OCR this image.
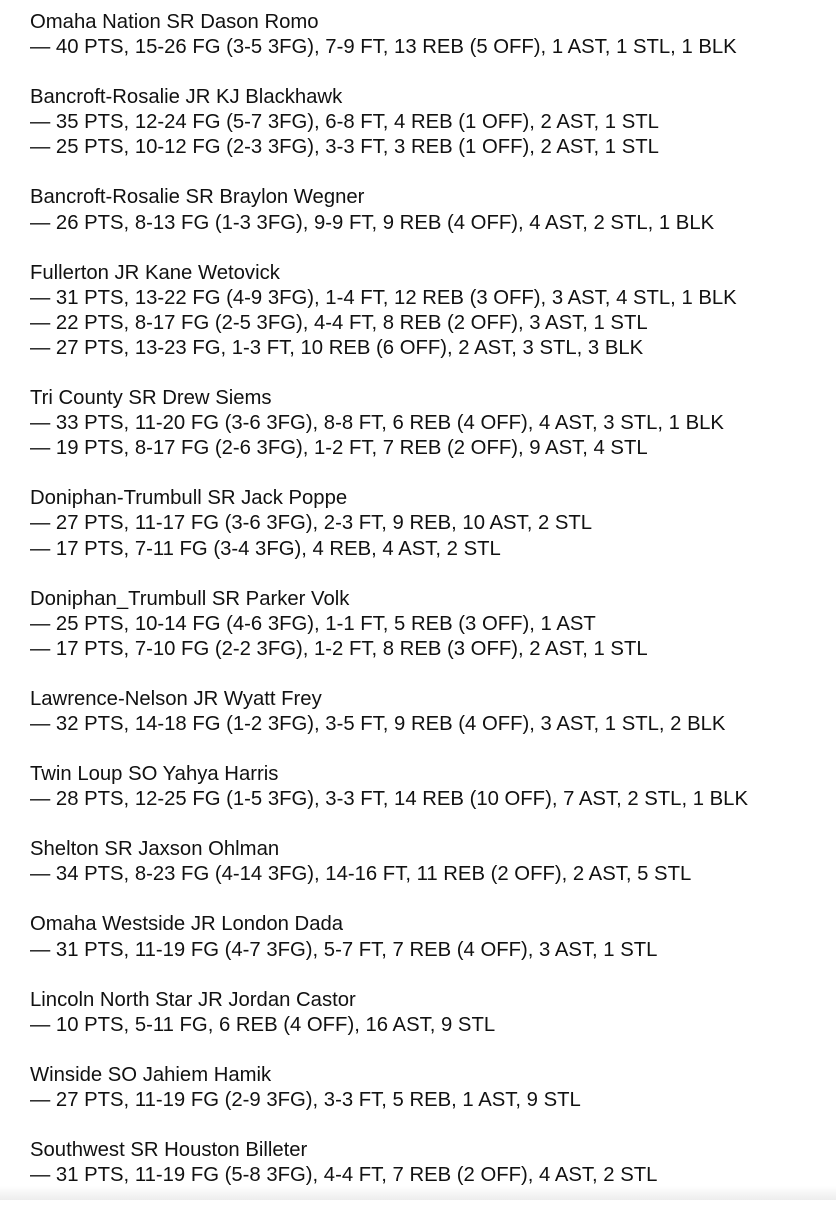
Omaha Nation SR Dason Romo
— 40 PTS, 15-26 FG (3-5 3FG), 7-9 FT, 13 REB (5 OFF), 1 AST, 1 STL, 1 BLK
Bancroft-Rosalie JR KJ Blackhawk
— 35 PTS, 12-24 FG (5-7 3FG), 6-8 FT, 4 REB (1 OFF), 2 AST, 1 STL
— 25 PTS, 10-12 FG (2-3 3FG), 3-3 FT, 3 REB (1 OFF), 2 AST, 1 STL
Bancroft-Rosalie SR Braylon Wegner
— 26 PTS, 8-13 FG (1-3 3FG), 9-9 FT, 9 REB (4 OFF), 4 AST, 2 STL, 1 BLK
Fullerton JR Kane Wetovick
— 31 PTS, 13-22 FG (4-9 3FG), 1-4 FT, 12 REB (3 OFF), 3 AST, 4 STL, 1 BLK
— 22 PTS, 8-17 FG (2-5 3FG), 4-4 FT, 8 REB (2 OFF), 3 AST, 1 STL
— 27 PTS, 13-23 FG, 1-3 FT, 10 REB (6 OFF), 2 AST, 3 STL, 3 BLK
Tri County SR Drew Siems
— 33 PTS, 11-20 FG (3-6 3FG), 8-8 FT, 6 REB (4 OFF), 4 AST, 3 STL, 1 BLK
— 19 PTS, 8-17 FG (2-6 3FG), 1-2 FT, 7 REB (2 OFF), 9 AST, 4 STL
Doniphan-Trumbull SR Jack Poppe
— 27 PTS, 11-17 FG (3-6 3FG), 2-3 FT, 9 REB, 10 AST, 2 STL
— 17 PTS, 7-11 FG (3-4 3FG), 4 REB, 4 AST, 2 STL
Doniphan_Trumbull SR Parker Volk
— 25 PTS, 10-14 FG (4-6 3FG), 1-1 FT, 5 REB (3 OFF), 1 AST
— 17 PTS, 7-10 FG (2-2 3FG), 1-2 FT, 8 REB (3 OFF), 2 AST, 1 STL
Lawrence-Nelson JR Wyatt Frey
— 32 PTS, 14-18 FG (1-2 3FG), 3-5 FT, 9 REB (4 OFF), 3 AST, 1 STL, 2 BLK
Twin Loup SO Yahya Harris
— 28 PTS, 12-25 FG (1-5 3FG), 3-3 FT, 14 REB (10 OFF), 7 AST, 2 STL, 1 BLK
Shelton SR Jaxson Ohlman
— 34 PTS, 8-23 FG (4-14 3FG), 14-16 FT, 11 REB (2 OFF), 2 AST, 5 STL
Omaha Westside JR London Dada
— 31 PTS, 11-19 FG (4-7 3FG), 5-7 FT, 7 REB (4 OFF), 3 AST, 1 STL
Lincoln North Star JR Jordan Castor
— 10 PTS, 5-11 FG, 6 REB (4 OFF), 16 AST, 9 STL
Winside SO Jahiem Hamik
— 27 PTS, 11-19 FG (2-9 3FG), 3-3 FT, 5 REB, 1 AST, 9 STL
Southwest SR Houston Billeter
— 31 PTS, 11-19 FG (5-8 3FG), 4-4 FT, 7 REB (2 OFF), 4 AST, 2 STL
